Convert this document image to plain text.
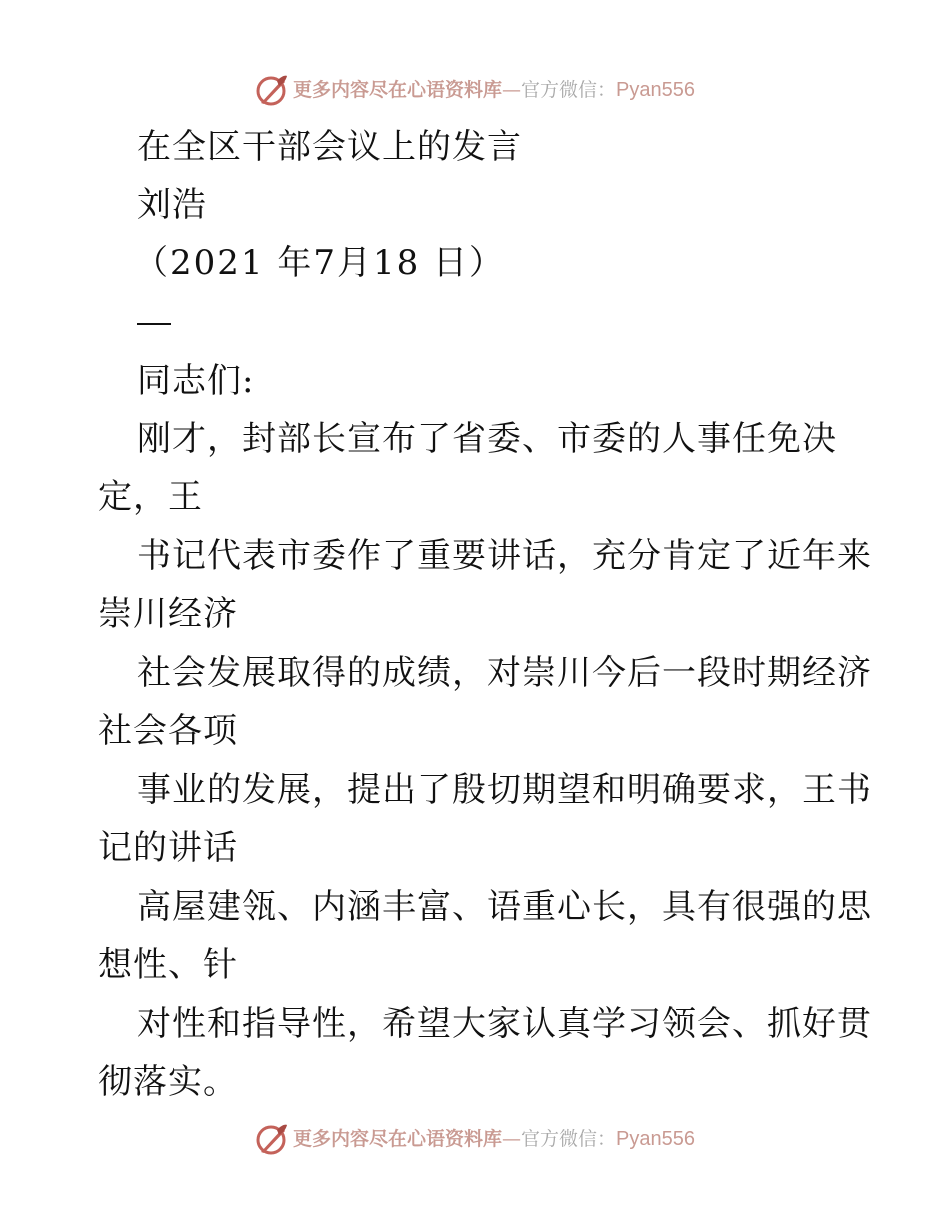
更多内容尽在心语资料库—官方微信：Pyan556
在全区干部会议上的发言
刘浩
（2021 年7月18 日）
同志们:
刚才，封部长宣布了省委、市委的人事任免决
定，王
书记代表市委作了重要讲话，充分肯定了近年来
崇川经济
社会发展取得的成绩，对崇川今后一段时期经济
社会各项
事业的发展，提出了殷切期望和明确要求，王书
记的讲话
高屋建瓴、内涵丰富、语重心长，具有很强的思
想性、针
对性和指导性，希望大家认真学习领会、抓好贯
彻落实。
更多内容尽在心语资料库—官方微信：Pyan556
